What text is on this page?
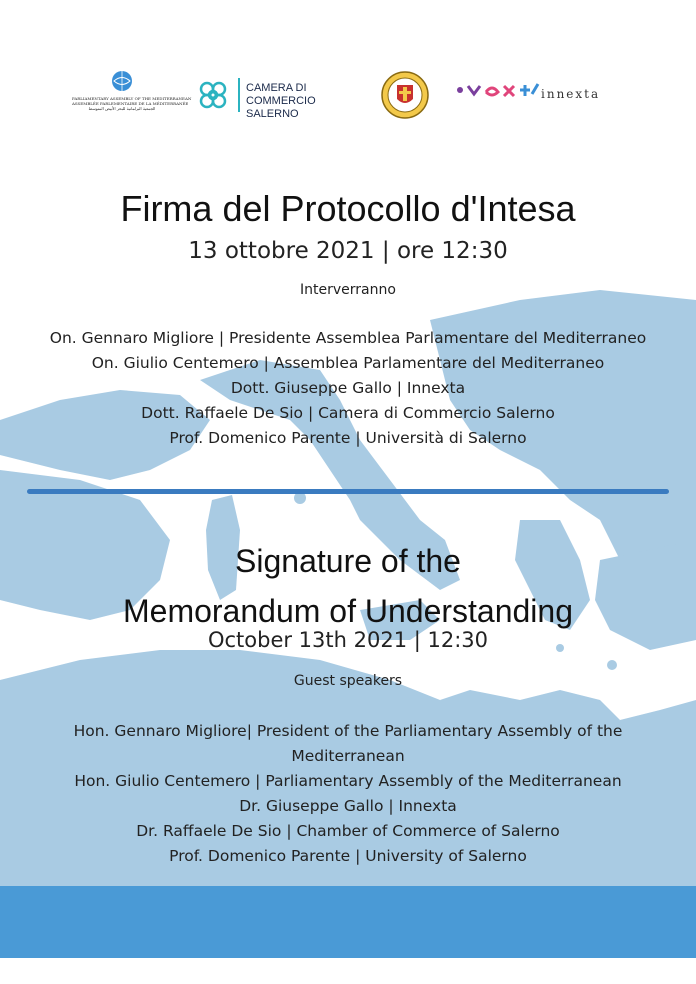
PARLIAMENTARY ASSEMBLY OF THE MEDITERRANEAN
ASSEMBLÉE PARLEMENTAIRE DE LA MÉDITERRANÉE
الجمعية البرلمانية للبحر الأبيض المتوسط
CAMERA DI COMMERCIO
SALERNO
innexta
Firma del Protocollo d'Intesa
13 ottobre 2021 | ore 12:30
Interverranno
On. Gennaro Migliore | Presidente Assemblea Parlamentare del Mediterraneo
On. Giulio Centemero | Assemblea Parlamentare del Mediterraneo
Dott. Giuseppe Gallo | Innexta
Dott. Raffaele De Sio | Camera di Commercio Salerno
Prof. Domenico Parente | Università di Salerno
Signature of the
Memorandum of Understanding
October 13th 2021 | 12:30
Guest speakers
Hon. Gennaro Migliore| President of the Parliamentary Assembly of the Mediterranean
Hon. Giulio Centemero | Parliamentary Assembly of the Mediterranean
Dr. Giuseppe Gallo | Innexta
Dr. Raffaele De Sio | Chamber of Commerce of Salerno
Prof. Domenico Parente | University of Salerno
